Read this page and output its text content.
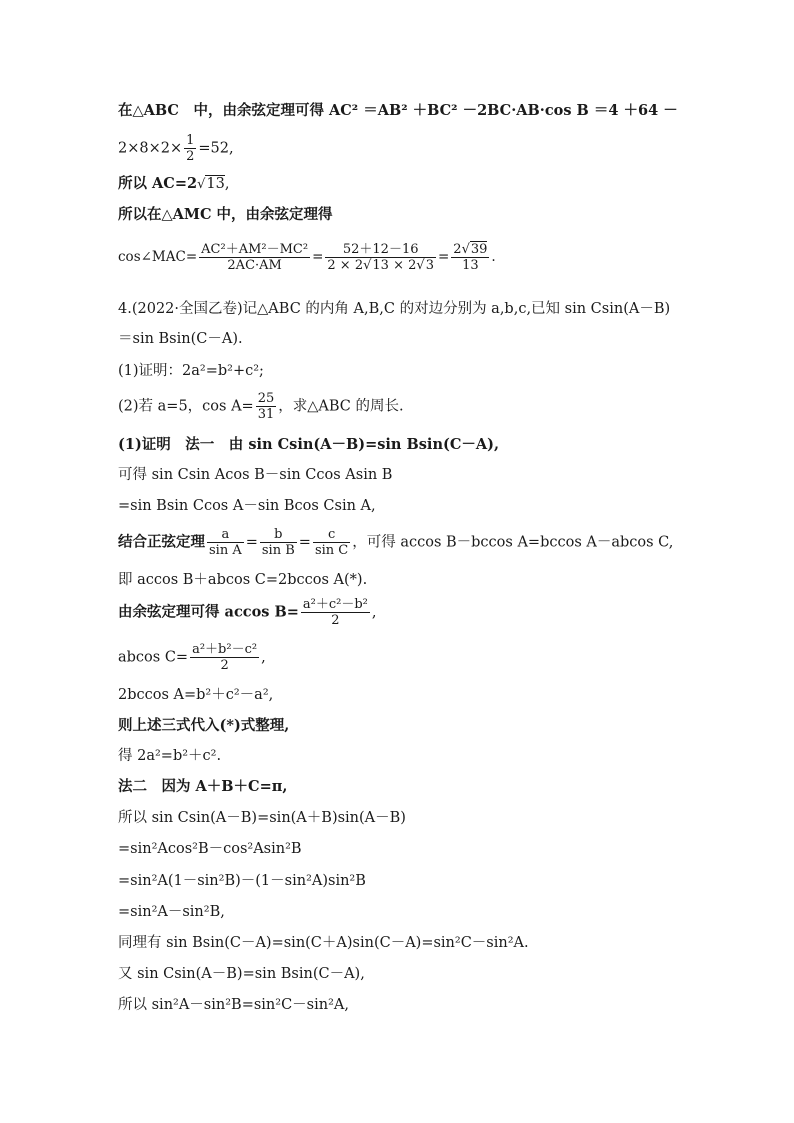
在△ABC　中，由余弦定理可得 AC² ＝AB² ＋BC² －2BC·AB·cos B ＝4 ＋64 －
$2\times 8\times 2\times \frac{1}{2} =52$,
所以 AC=2√13,
所以在△AMC 中，由余弦定理得
cos∠MAC= $\frac{\text{AC²＋AM²－MC²}}{2AC\cdot AM} = \frac{52+12-16}{2 \times 2√13 \times 2√3} = \frac{2√39}{13}$ .
4.(2022·全国乙卷)记△ABC 的内角 A,B,C 的对边分别为 a,b,c,已知 sin Csin(A－B)
＝sin Bsin(C－A).
(1)证明：2a²=b²+c²;
(2)若 a=5，$\cos A= \frac{25}{31}$ ，求△ABC 的周长.
(1)证明　法一　由 sin Csin(A－B)=sin Bsin(C－A),
可得 sin Csin Acos B－sin Ccos Asin B
=sin Bsin Ccos A－sin Bcos Csin A,
结合正弦定理 $\frac{a}{\text{sin A}} = \frac{b}{\text{sin B}} = \frac{c}{\text{sin C}}$ ，可得 accos B－bccos A=bccos A－abcos C,
即 accos B＋abcos C=2bccos A(*).
由余弦定理可得 accos $B= \frac{\text{a²＋c²－b²}}{2}$ ,
abcos $C= \frac{\text{a²＋b²－c²}}{2}$ ,
2bccos A=b²＋c²－a²,
则上述三式代入(*)式整理,
得 2a²=b²＋c².
法二　因为 A＋B＋C=π,
所以 sin Csin(A－B)=sin(A＋B)sin(A－B)
=sin²Acos²B－cos²Asin²B
=sin²A(1－sin²B)－(1－sin²A)sin²B
=sin²A－sin²B,
同理有 sin Bsin(C－A)=sin(C＋A)sin(C－A)=sin²C－sin²A.
又 sin Csin(A－B)=sin Bsin(C－A),
所以 sin²A－sin²B=sin²C－sin²A,
